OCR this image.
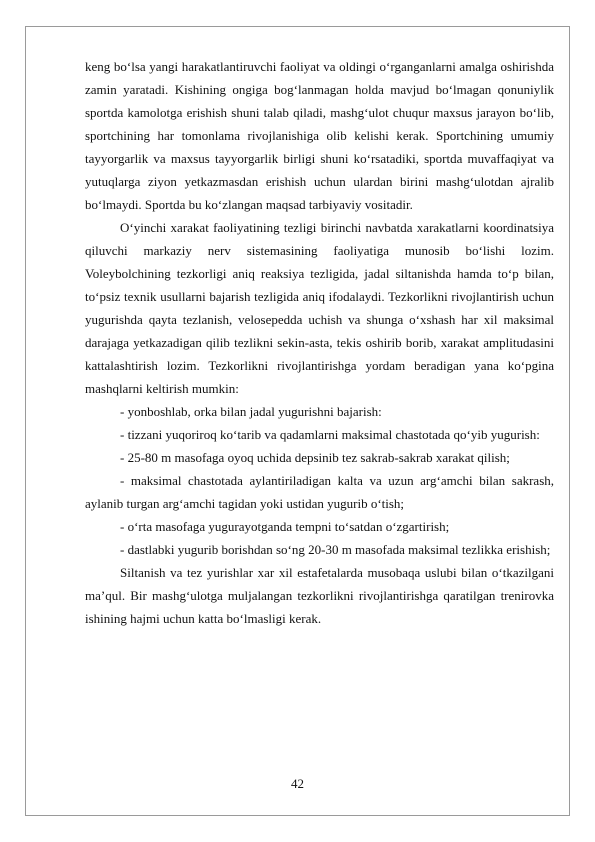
keng bo‘lsa yangi harakatlantiruvchi faoliyat va oldingi o‘rganganlarni amalga oshirishda zamin yaratadi. Kishining ongiga bog‘lanmagan holda mavjud bo‘lmagan qonuniylik sportda kamolotga erishish shuni talab qiladi, mashg‘ulot chuqur maxsus jarayon bo‘lib, sportchining har tomonlama rivojlanishiga olib kelishi kerak. Sportchining umumiy tayyorgarlik va maxsus tayyorgarlik birligi shuni ko‘rsatadiki, sportda muvaffaqiyat va yutuqlarga ziyon yetkazmasdan erishish uchun ulardan birini mashg‘ulotdan ajralib bo‘lmaydi. Sportda bu ko‘zlangan maqsad tarbiyaviy vositadir.

O‘yinchi xarakat faoliyatining tezligi birinchi navbatda xarakatlarni koordinatsiya qiluvchi markaziy nerv sistemasining faoliyatiga munosib bo‘lishi lozim. Voleybolchining tezkorligi aniq reaksiya tezligida, jadal siltanishda hamda to‘p bilan, to‘psiz texnik usullarni bajarish tezligida aniq ifodalaydi. Tezkorlikni rivojlantirish uchun yugurishda qayta tezlanish, velosepedda uchish va shunga o‘xshash har xil maksimal darajaga yetkazadigan qilib tezlikni sekin-asta, tekis oshirib borib, xarakat amplitudasini kattalashtirish lozim. Tezkorlikni rivojlantirishga yordam beradigan yana ko‘pgina mashqlarni keltirish mumkin:

- yonboshlab, orka bilan jadal yugurishni bajarish:

- tizzani yuqoriroq ko‘tarib va qadamlarni maksimal chastotada qo‘yib yugurish:

- 25-80 m masofaga oyoq uchida depsinib tez sakrab-sakrab xarakat qilish;

- maksimal chastotada aylantiriladigan kalta va uzun arg‘amchi bilan sakrash, aylanib turgan arg‘amchi tagidan yoki ustidan yugurib o‘tish;

- o‘rta masofaga yugurayotganda tempni to‘satdan o‘zgartirish;

- dastlabki yugurib borishdan so‘ng 20-30 m masofada maksimal tezlikka erishish;

Siltanish va tez yurishlar xar xil estafetalarda musobaqa uslubi bilan o‘tkazilgani ma’qul. Bir mashg‘ulotga muljalangan tezkorlikni rivojlantirishga qaratilgan trenirovka ishining hajmi uchun katta bo‘lmasligi kerak.

42
